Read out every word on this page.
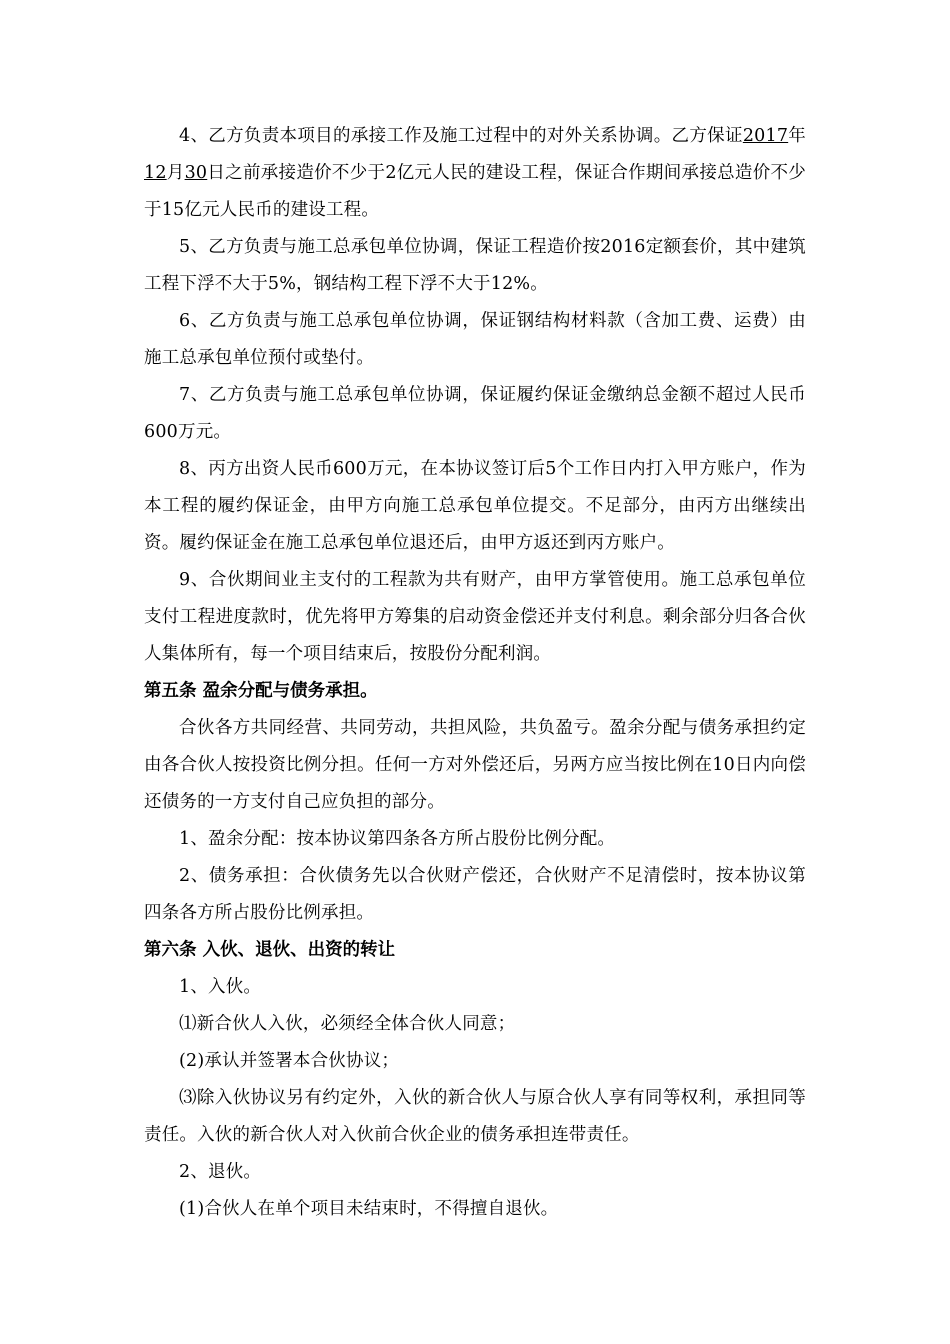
4、乙方负责本项目的承接工作及施工过程中的对外关系协调。乙方保证2017年12月30日之前承接造价不少于2亿元人民的建设工程，保证合作期间承接总造价不少于15亿元人民币的建设工程。

5、乙方负责与施工总承包单位协调，保证工程造价按2016定额套价，其中建筑工程下浮不大于5%，钢结构工程下浮不大于12%。

6、乙方负责与施工总承包单位协调，保证钢结构材料款（含加工费、运费）由施工总承包单位预付或垫付。

7、乙方负责与施工总承包单位协调，保证履约保证金缴纳总金额不超过人民币600万元。

8、丙方出资人民币600万元，在本协议签订后5个工作日内打入甲方账户，作为本工程的履约保证金，由甲方向施工总承包单位提交。不足部分，由丙方出继续出资。履约保证金在施工总承包单位退还后，由甲方返还到丙方账户。

9、合伙期间业主支付的工程款为共有财产，由甲方掌管使用。施工总承包单位支付工程进度款时，优先将甲方筹集的启动资金偿还并支付利息。剩余部分归各合伙人集体所有，每一个项目结束后，按股份分配利润。

第五条 盈余分配与债务承担。

合伙各方共同经营、共同劳动，共担风险，共负盈亏。盈余分配与债务承担约定由各合伙人按投资比例分担。任何一方对外偿还后，另两方应当按比例在10日内向偿还债务的一方支付自己应负担的部分。

1、盈余分配：按本协议第四条各方所占股份比例分配。

2、债务承担：合伙债务先以合伙财产偿还，合伙财产不足清偿时，按本协议第四条各方所占股份比例承担。

第六条 入伙、退伙、出资的转让

1、入伙。

⑴新合伙人入伙，必须经全体合伙人同意；

(2)承认并签署本合伙协议；

⑶除入伙协议另有约定外，入伙的新合伙人与原合伙人享有同等权利，承担同等责任。入伙的新合伙人对入伙前合伙企业的债务承担连带责任。

2、退伙。

(1)合伙人在单个项目未结束时，不得擅自退伙。
